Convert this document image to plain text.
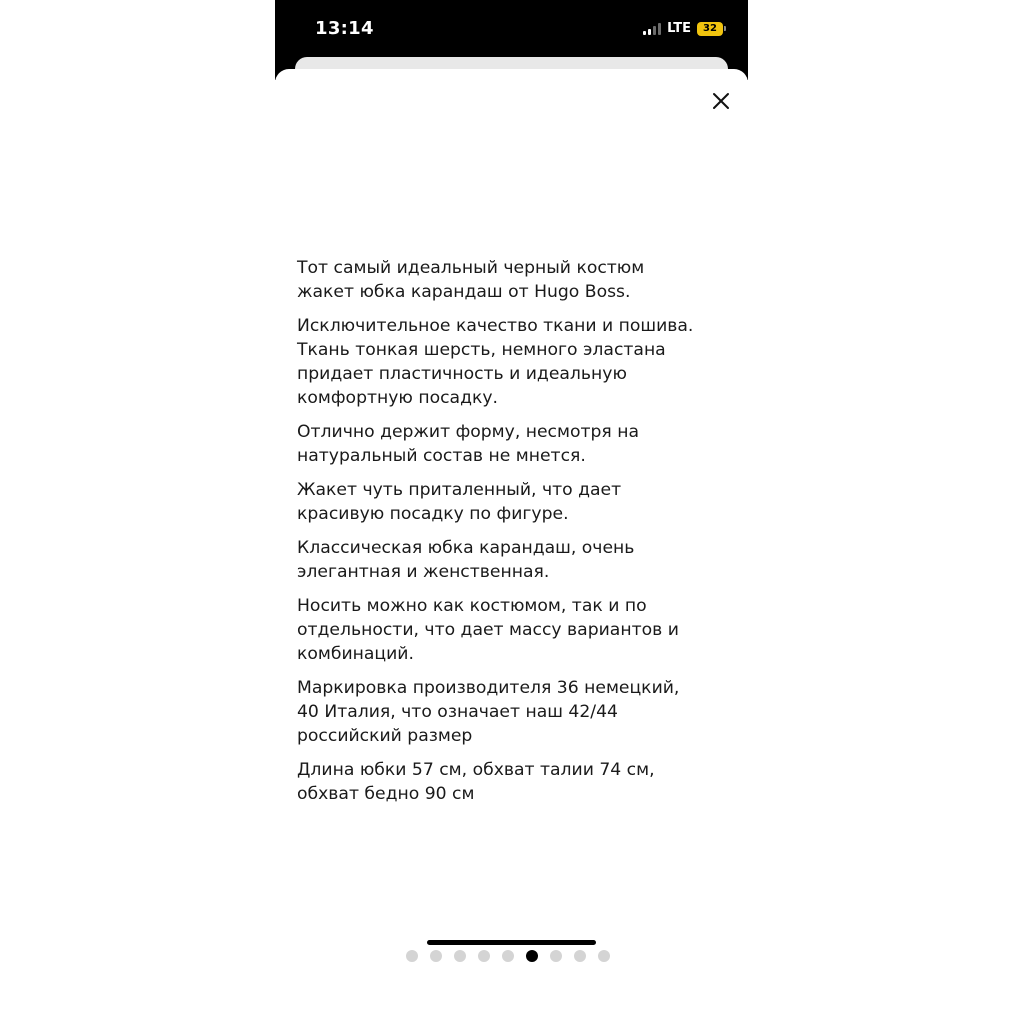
13:14	LTE	32

Тот самый идеальный черный костюм
жакет юбка карандаш от Hugo Boss.

Исключительное качество ткани и пошива.
Ткань тонкая шерсть, немного эластана
придает пластичность и идеальную
комфортную посадку.

Отлично держит форму, несмотря на
натуральный состав не мнется.

Жакет чуть приталенный, что дает
красивую посадку по фигуре.

Классическая юбка карандаш, очень
элегантная и женственная.

Носить можно как костюмом, так и по
отдельности, что дает массу вариантов и
комбинаций.

Маркировка производителя 36 немецкий,
40 Италия, что означает наш 42/44
российский размер

Длина юбки 57 см, обхват талии 74 см,
обхват бедно 90 см
